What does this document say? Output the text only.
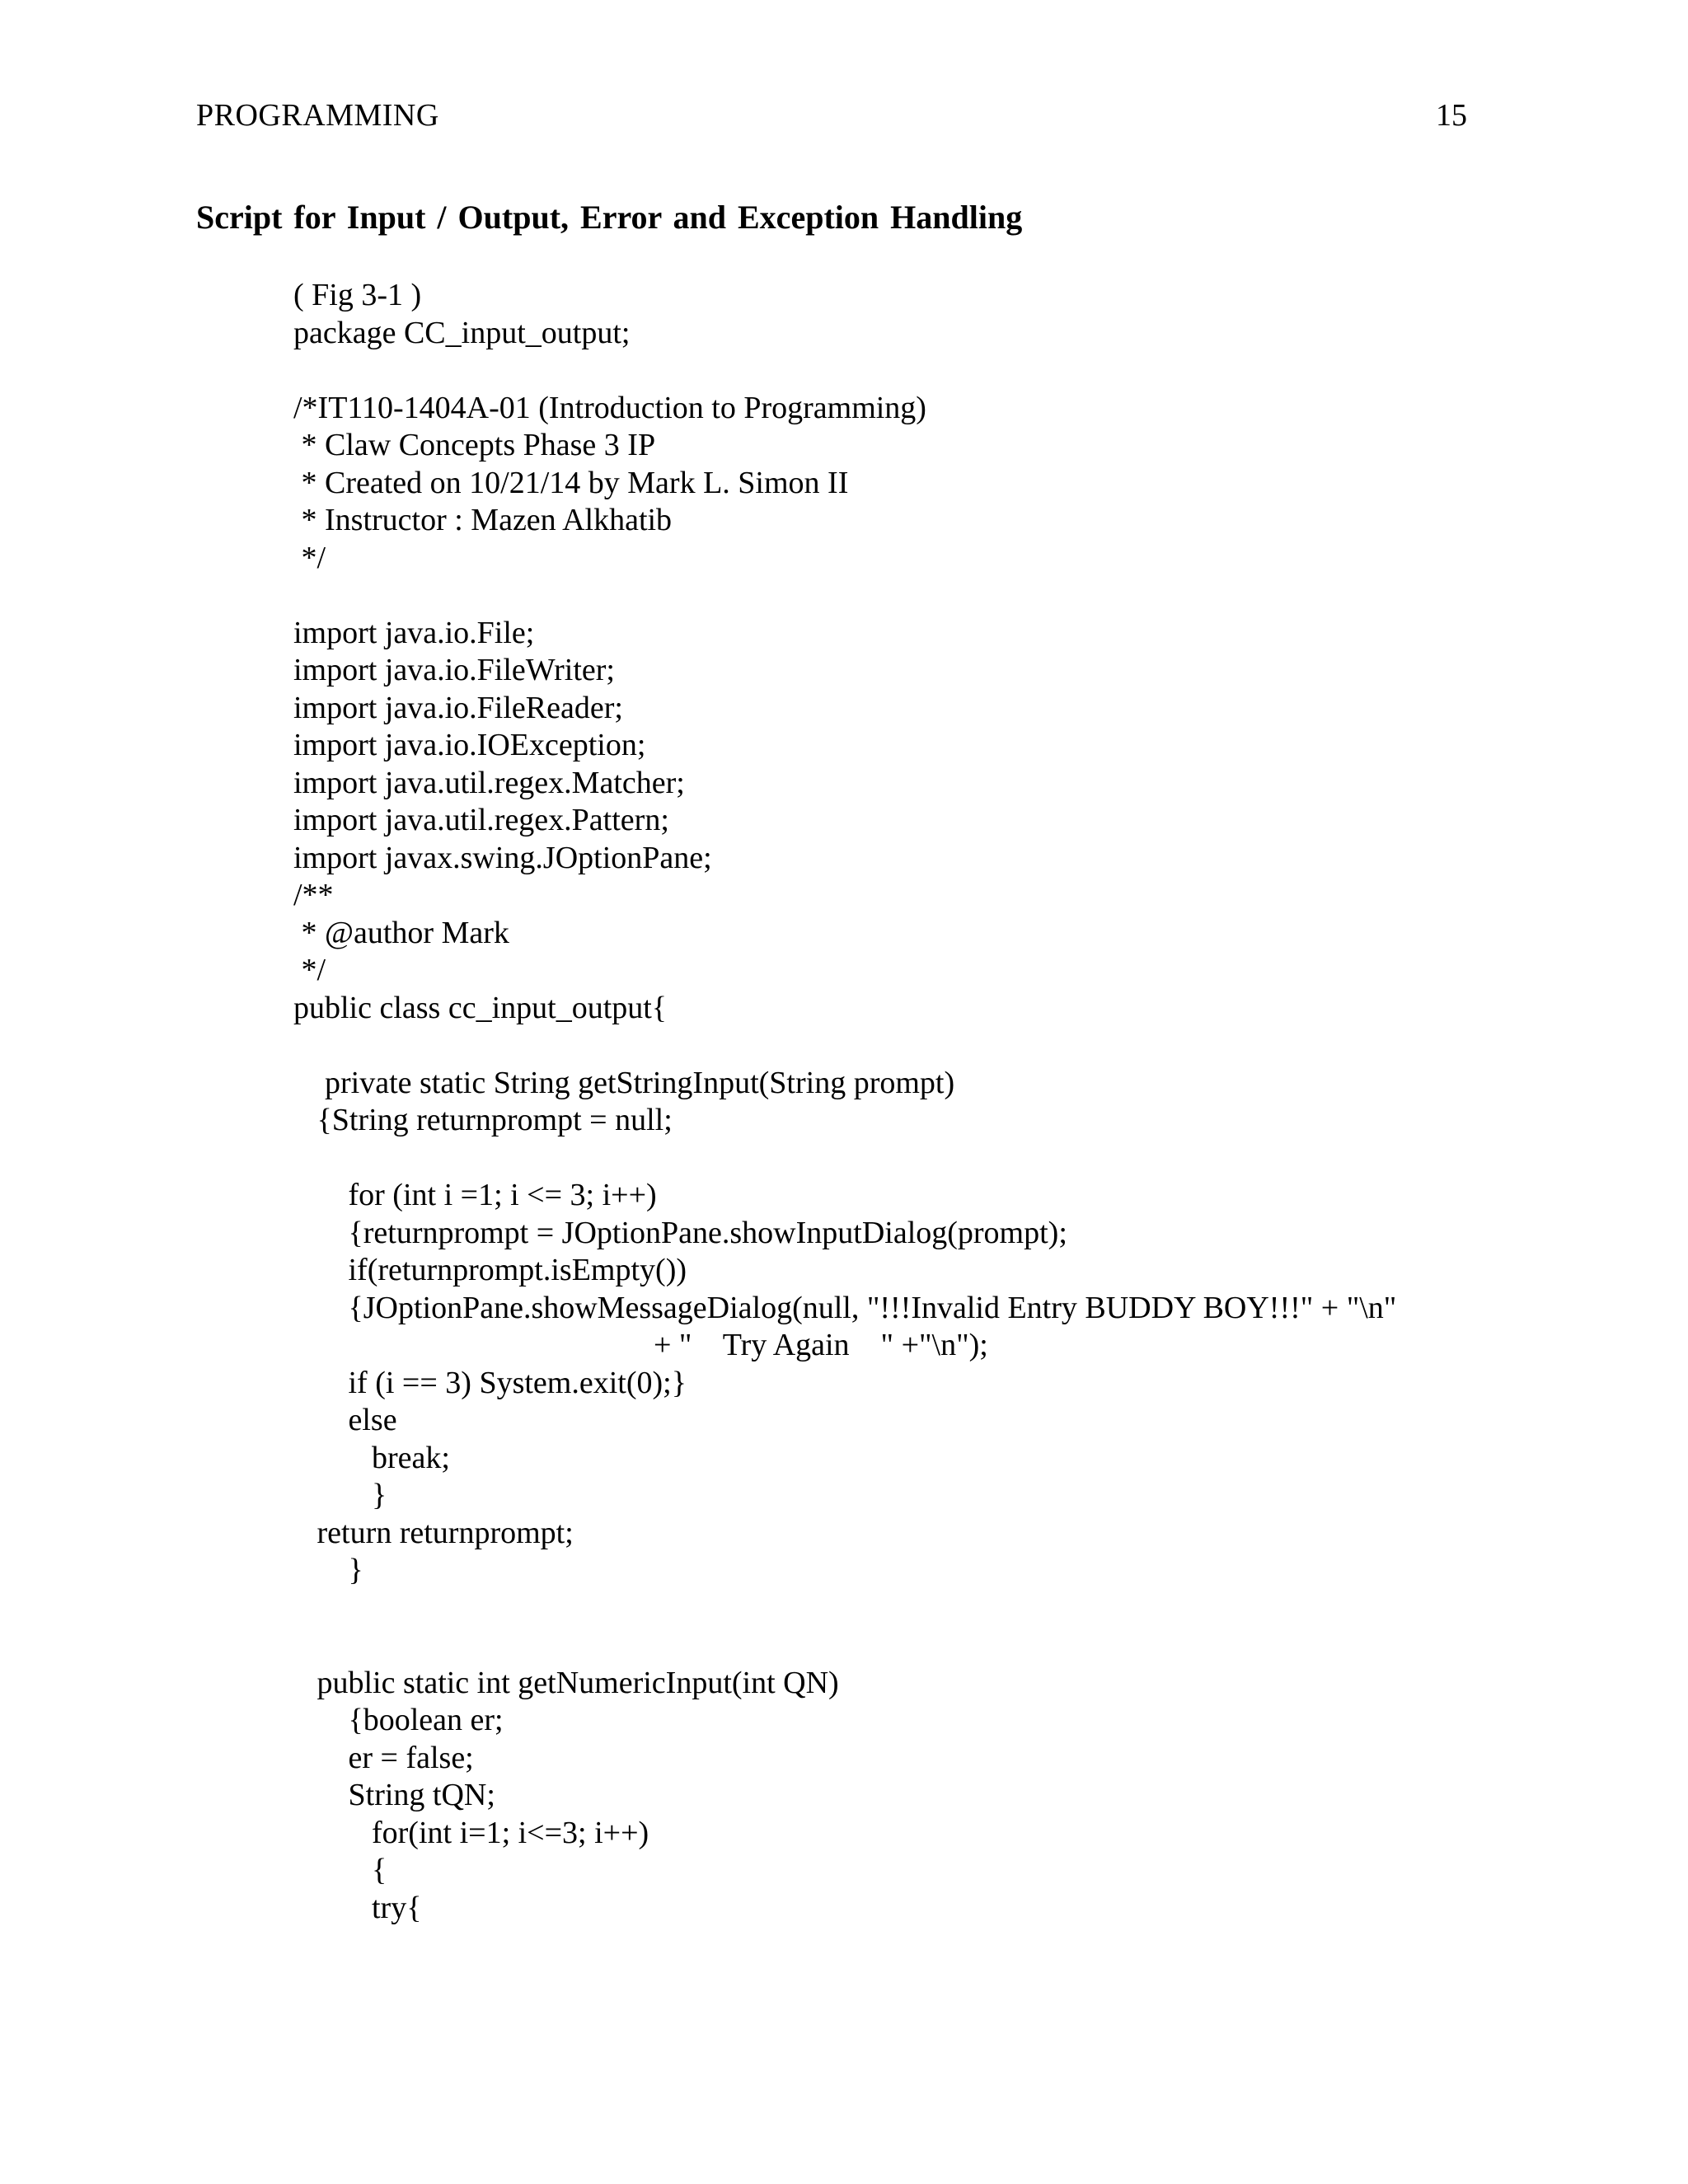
PROGRAMMING	15
Script for Input / Output, Error and Exception Handling
( Fig 3-1 )
package CC_input_output;
/*IT110-1404A-01 (Introduction to Programming)
* Claw Concepts Phase 3 IP
* Created on 10/21/14 by Mark L. Simon II
* Instructor : Mazen Alkhatib
*/
import java.io.File;
import java.io.FileWriter;
import java.io.FileReader;
import java.io.IOException;
import java.util.regex.Matcher;
import java.util.regex.Pattern;
import javax.swing.JOptionPane;
/**
* @author Mark
*/
public class cc_input_output{
private static String getStringInput(String prompt)
{String returnprompt = null;
for (int i =1; i <= 3; i++)
{returnprompt = JOptionPane.showInputDialog(prompt);
if(returnprompt.isEmpty())
{JOptionPane.showMessageDialog(null, "!!!Invalid Entry BUDDY BOY!!!" + "\n"
+ "    Try Again    " +"\n");
if (i == 3) System.exit(0);}
else
break;
}
return returnprompt;
}
public static int getNumericInput(int QN)
{boolean er;
er = false;
String tQN;
for(int i=1; i<=3; i++)
{
try{
